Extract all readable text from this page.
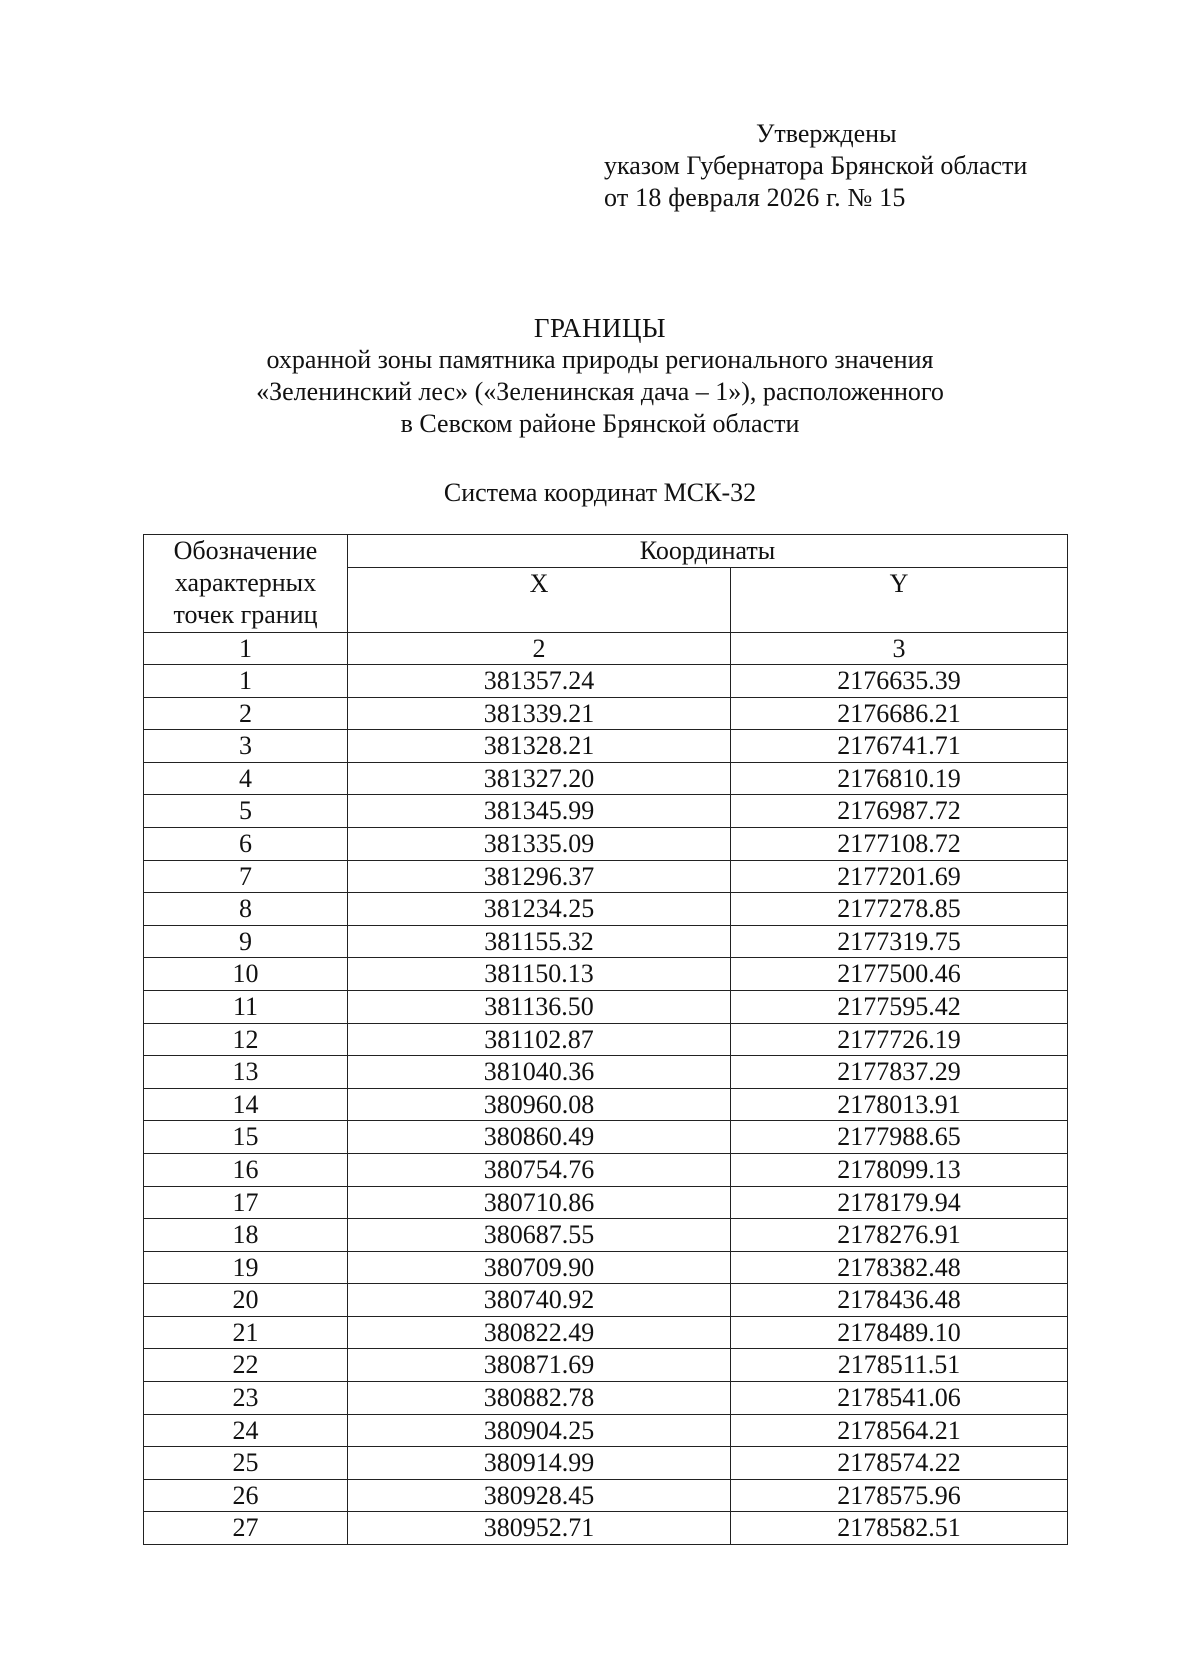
Утверждены
указом Губернатора Брянской области
от 18 февраля 2026 г. № 15
ГРАНИЦЫ
охранной зоны памятника природы регионального значения
«Зеленинский лес» («Зеленинская дача – 1»), расположенного
в Севском районе Брянской области
Система координат МСК-32
Обозначение
характерных
точек границ	Координаты	
	X	Y
1	2	3
1	381357.24	2176635.39
2	381339.21	2176686.21
3	381328.21	2176741.71
4	381327.20	2176810.19
5	381345.99	2176987.72
6	381335.09	2177108.72
7	381296.37	2177201.69
8	381234.25	2177278.85
9	381155.32	2177319.75
10	381150.13	2177500.46
11	381136.50	2177595.42
12	381102.87	2177726.19
13	381040.36	2177837.29
14	380960.08	2178013.91
15	380860.49	2177988.65
16	380754.76	2178099.13
17	380710.86	2178179.94
18	380687.55	2178276.91
19	380709.90	2178382.48
20	380740.92	2178436.48
21	380822.49	2178489.10
22	380871.69	2178511.51
23	380882.78	2178541.06
24	380904.25	2178564.21
25	380914.99	2178574.22
26	380928.45	2178575.96
27	380952.71	2178582.51
